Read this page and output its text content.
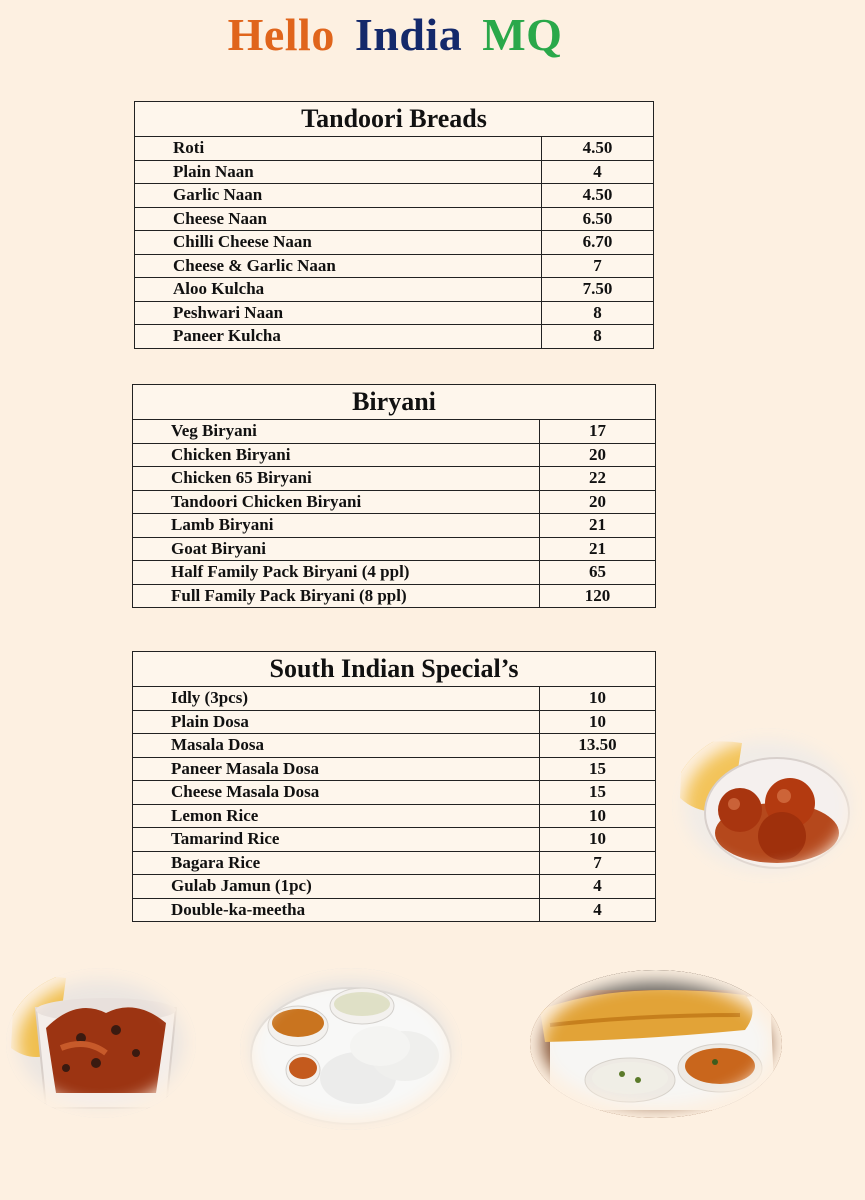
Hello India MQ
Tandoori Breads	
Roti	4.50
Plain Naan	4
Garlic Naan	4.50
Cheese Naan	6.50
Chilli Cheese Naan	6.70
Cheese & Garlic Naan	7
Aloo Kulcha	7.50
Peshwari Naan	8
Paneer Kulcha	8
Biryani	
Veg Biryani	17
Chicken Biryani	20
Chicken 65 Biryani	22
Tandoori Chicken Biryani	20
Lamb Biryani	21
Goat Biryani	21
Half Family Pack Biryani (4 ppl)	65
Full Family Pack Biryani (8 ppl)	120
South Indian Special’s	
Idly (3pcs)	10
Plain Dosa	10
Masala Dosa	13.50
Paneer Masala Dosa	15
Cheese Masala Dosa	15
Lemon Rice	10
Tamarind Rice	10
Bagara Rice	7
Gulab Jamun (1pc)	4
Double-ka-meetha	4
